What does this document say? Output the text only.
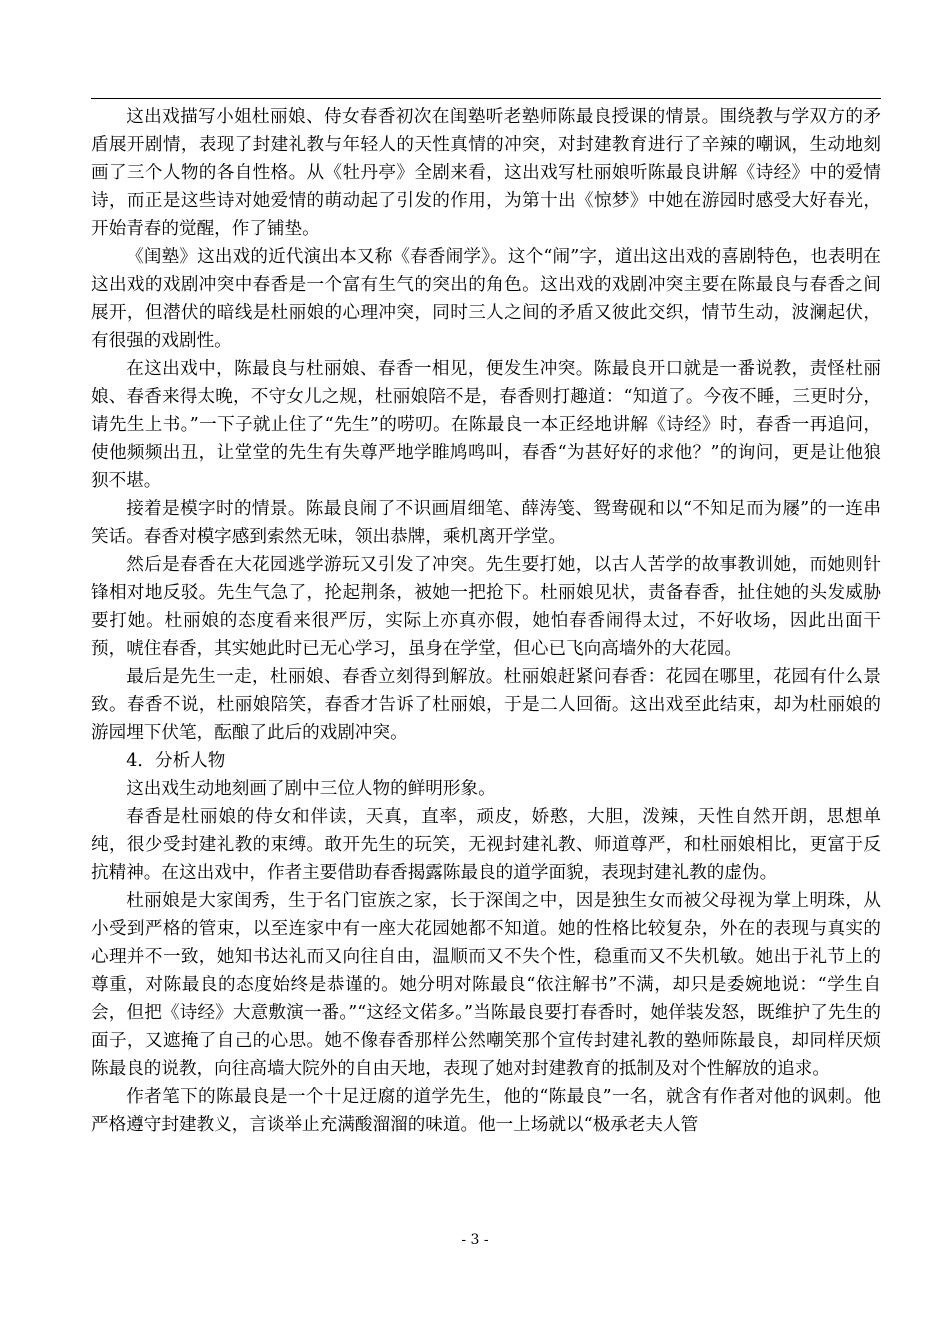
这出戏描写小姐杜丽娘、侍女春香初次在闺塾听老塾师陈最良授课的情景。围绕教与学双方的矛盾展开剧情，表现了封建礼教与年轻人的天性真情的冲突，对封建教育进行了辛辣的嘲讽，生动地刻画了三个人物的各自性格。从《牡丹亭》全剧来看，这出戏写杜丽娘听陈最良讲解《诗经》中的爱情诗，而正是这些诗对她爱情的萌动起了引发的作用，为第十出《惊梦》中她在游园时感受大好春光，开始青春的觉醒，作了铺垫。

《闺塾》这出戏的近代演出本又称《春香闹学》。这个“闹”字，道出这出戏的喜剧特色，也表明在这出戏的戏剧冲突中春香是一个富有生气的突出的角色。这出戏的戏剧冲突主要在陈最良与春香之间展开，但潜伏的暗线是杜丽娘的心理冲突，同时三人之间的矛盾又彼此交织，情节生动，波澜起伏，有很强的戏剧性。

在这出戏中，陈最良与杜丽娘、春香一相见，便发生冲突。陈最良开口就是一番说教，责怪杜丽娘、春香来得太晚，不守女儿之规，杜丽娘陪不是，春香则打趣道：“知道了。今夜不睡，三更时分，请先生上书。”一下子就止住了“先生”的唠叨。在陈最良一本正经地讲解《诗经》时，春香一再追问，使他频频出丑，让堂堂的先生有失尊严地学睢鸠鸣叫，春香“为甚好好的求他？”的询问，更是让他狼狈不堪。

接着是模字时的情景。陈最良闹了不识画眉细笔、薛涛笺、鸳鸯砚和以“不知足而为屦”的一连串笑话。春香对模字感到索然无味，领出恭牌，乘机离开学堂。

然后是春香在大花园逃学游玩又引发了冲突。先生要打她，以古人苦学的故事教训她，而她则针锋相对地反驳。先生气急了，抡起荆条，被她一把抢下。杜丽娘见状，责备春香，扯住她的头发威胁要打她。杜丽娘的态度看来很严厉，实际上亦真亦假，她怕春香闹得太过，不好收场，因此出面干预，唬住春香，其实她此时已无心学习，虽身在学堂，但心已飞向高墙外的大花园。

最后是先生一走，杜丽娘、春香立刻得到解放。杜丽娘赶紧问春香：花园在哪里，花园有什么景致。春香不说，杜丽娘陪笑，春香才告诉了杜丽娘，于是二人回衙。这出戏至此结束，却为杜丽娘的游园埋下伏笔，酝酿了此后的戏剧冲突。

4．分析人物

这出戏生动地刻画了剧中三位人物的鲜明形象。

春香是杜丽娘的侍女和伴读，天真，直率，顽皮，娇憨，大胆，泼辣，天性自然开朗，思想单纯，很少受封建礼教的束缚。敢开先生的玩笑，无视封建礼教、师道尊严，和杜丽娘相比，更富于反抗精神。在这出戏中，作者主要借助春香揭露陈最良的道学面貌，表现封建礼教的虚伪。

杜丽娘是大家闺秀，生于名门宦族之家，长于深闺之中，因是独生女而被父母视为掌上明珠，从小受到严格的管束，以至连家中有一座大花园她都不知道。她的性格比较复杂，外在的表现与真实的心理并不一致，她知书达礼而又向往自由，温顺而又不失个性，稳重而又不失机敏。她出于礼节上的尊重，对陈最良的态度始终是恭谨的。她分明对陈最良“依注解书”不满，却只是委婉地说：“学生自会，但把《诗经》大意敷演一番。”“这经文偌多。”当陈最良要打春香时，她佯装发怒，既维护了先生的面子，又遮掩了自己的心思。她不像春香那样公然嘲笑那个宣传封建礼教的塾师陈最良，却同样厌烦陈最良的说教，向往高墙大院外的自由天地，表现了她对封建教育的抵制及对个性解放的追求。

作者笔下的陈最良是一个十足迂腐的道学先生，他的“陈最良”一名，就含有作者对他的讽刺。他严格遵守封建教义，言谈举止充满酸溜溜的味道。他一上场就以“极承老夫人管

- 3 -
